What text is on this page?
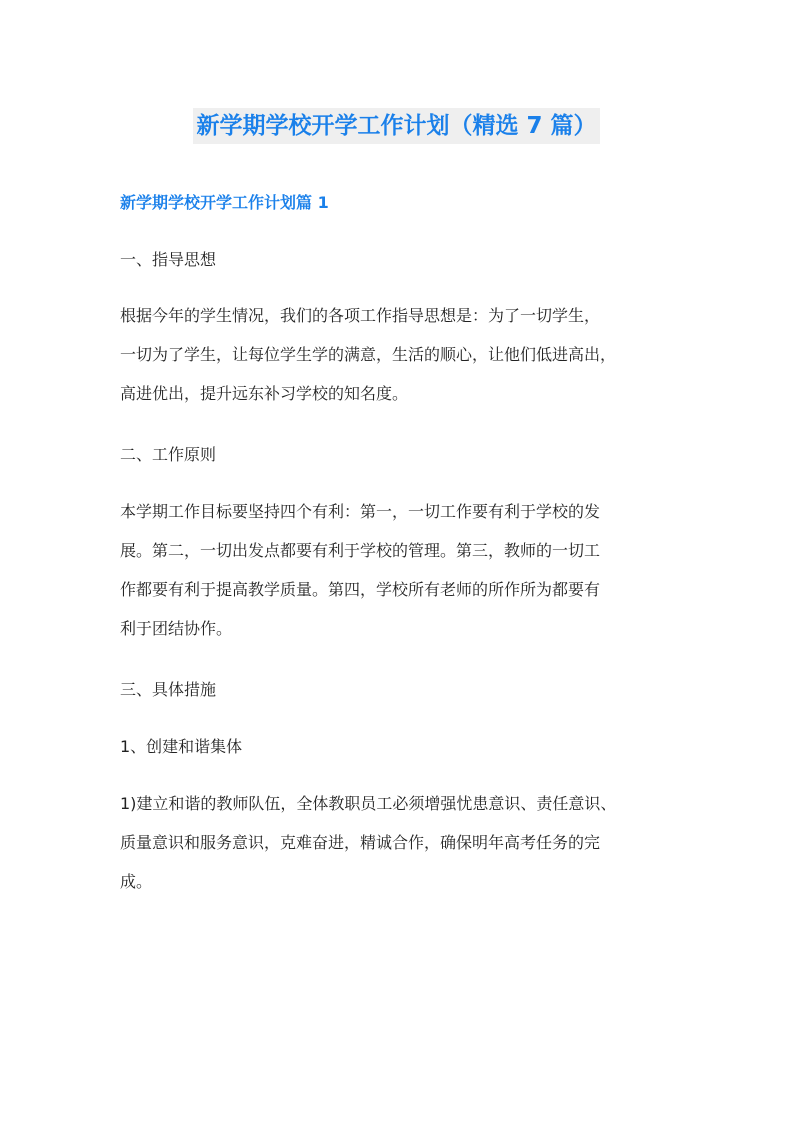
新学期学校开学工作计划（精选 7 篇）
新学期学校开学工作计划篇 1
一、指导思想
根据今年的学生情况，我们的各项工作指导思想是：为了一切学生，
一切为了学生，让每位学生学的满意，生活的顺心，让他们低进高出，
高进优出，提升远东补习学校的知名度。
二、工作原则
本学期工作目标要坚持四个有利：第一，一切工作要有利于学校的发
展。第二，一切出发点都要有利于学校的管理。第三，教师的一切工
作都要有利于提高教学质量。第四，学校所有老师的所作所为都要有
利于团结协作。
三、具体措施
1、创建和谐集体
1)建立和谐的教师队伍，全体教职员工必须增强忧患意识、责任意识、
质量意识和服务意识，克难奋进，精诚合作，确保明年高考任务的完
成。
